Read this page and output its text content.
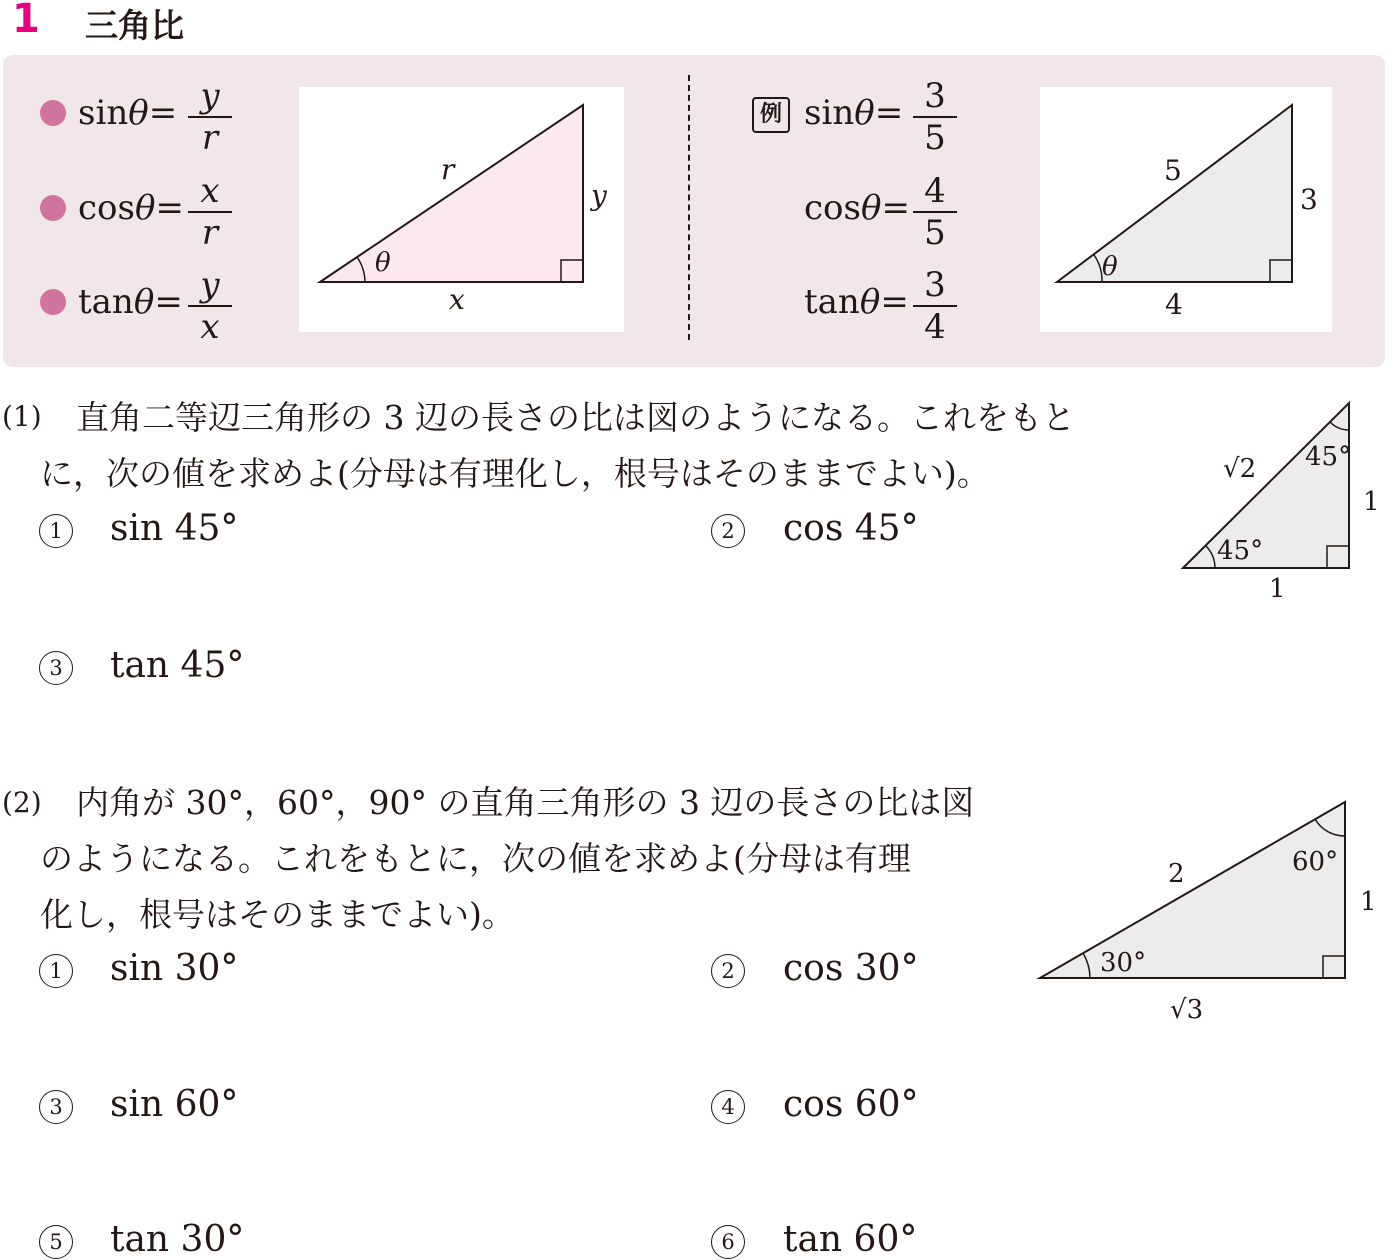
1 三角比
$\sin\theta= \frac{y}{r}$
$\cos\theta= \frac{x}{r}$
$\tan\theta= \frac{y}{x}$
θ
r
y
x
例 $\sin\theta= \frac{3}{5}$
$\cos\theta= \frac{4}{5}$
$\tan\theta= \frac{3}{4}$	θ
5
3
4
(1) 直角二等辺三角形の 3 辺の長さの比は図のようになる。これをもと
に，次の値を求めよ(分母は有理化し，根号はそのままでよい)。
1 sin 45°	2 cos 45°
3 tan 45°
45°
45°
√2
1
1
(2) 内角が 30°，60°，90° の直角三角形の 3 辺の長さの比は図
のようになる。これをもとに，次の値を求めよ(分母は有理
化し，根号はそのままでよい)。
1 sin 30°	2 cos 30°
3 sin 60°	4 cos 60°
5 tan 30°	6 tan 60°
60°
30°
2
1
√3
